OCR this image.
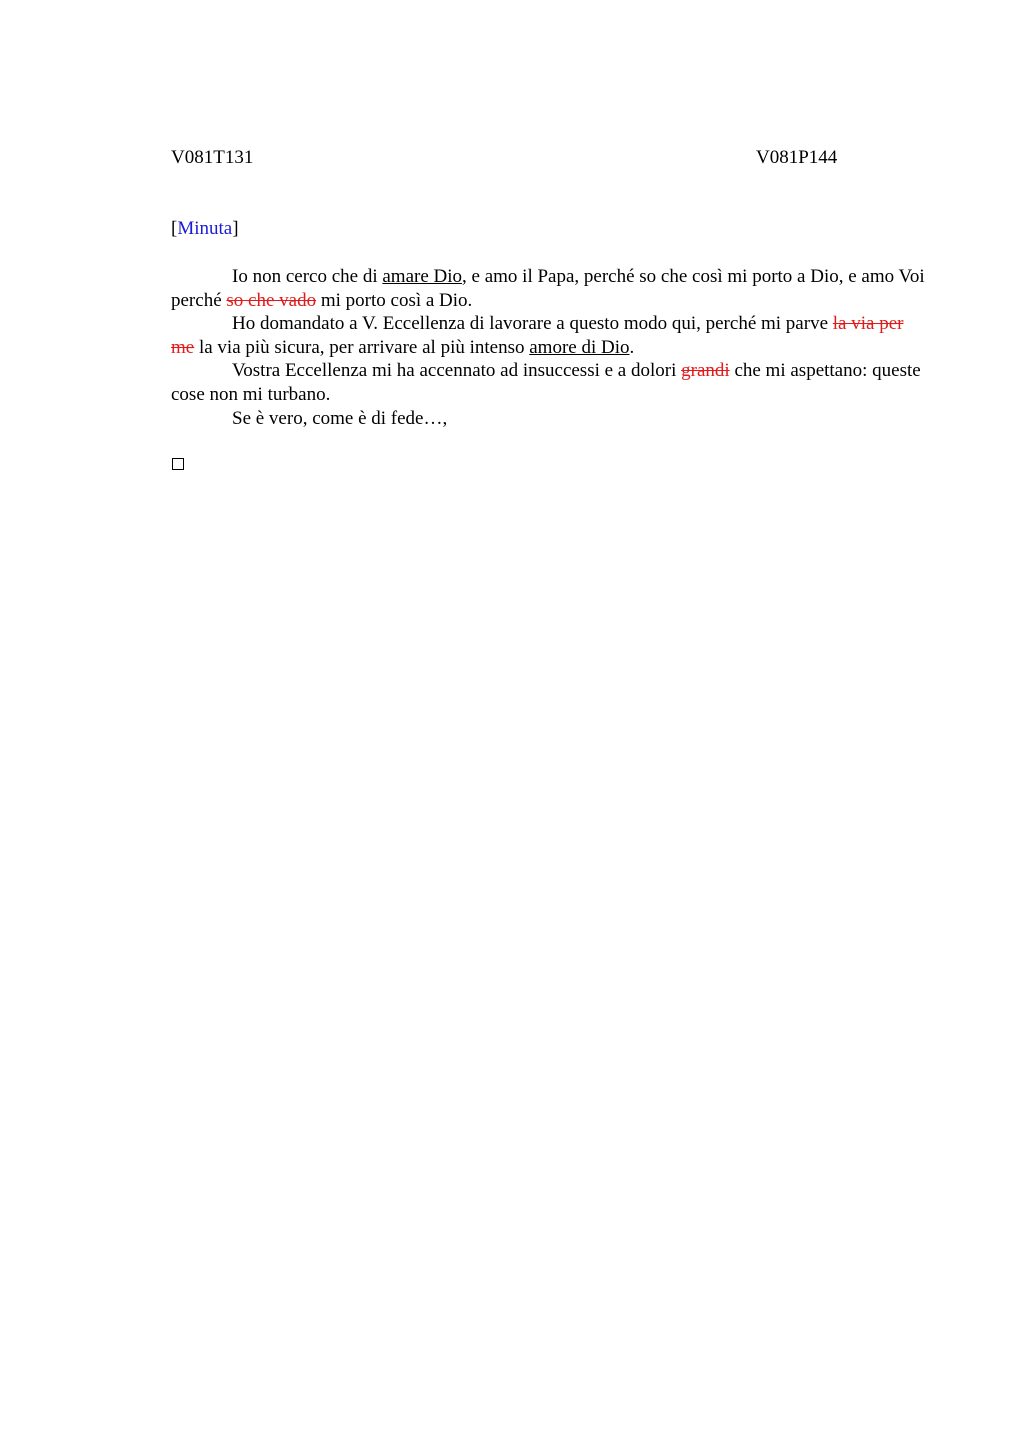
V081T131	V081P144
[Minuta]

Io non cerco che di amare Dio, e amo il Papa, perché so che così mi porto a Dio, e amo Voi perché so che vado mi porto così a Dio.

Ho domandato a V. Eccellenza di lavorare a questo modo qui, perché mi parve la via per me la via più sicura, per arrivare al più intenso amore di Dio.

Vostra Eccellenza mi ha accennato ad insuccessi e a dolori grandi che mi aspettano: queste cose non mi turbano.

Se è vero, come è di fede…,
